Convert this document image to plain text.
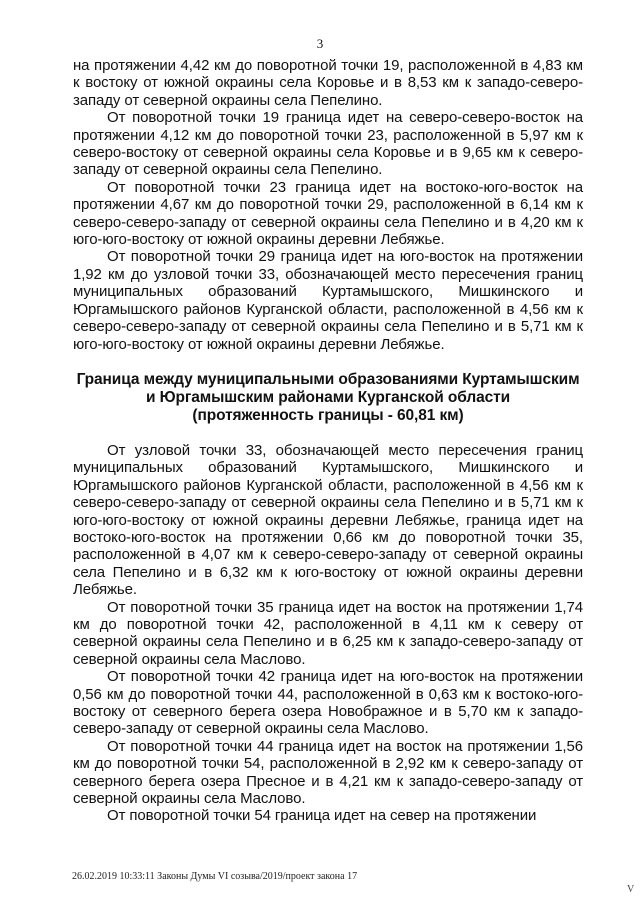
3

на протяжении 4,42 км до поворотной точки 19, расположенной в 4,83 км к востоку от южной окраины села Коровье и в 8,53 км к западо-северо-западу от северной окраины села Пепелино.

От поворотной точки 19 граница идет на северо-северо-восток на протяжении 4,12 км до поворотной точки 23, расположенной в 5,97 км к северо-востоку от северной окраины села Коровье и в 9,65 км к северо-западу от северной окраины села Пепелино.

От поворотной точки 23 граница идет на востоко-юго-восток на протяжении 4,67 км до поворотной точки 29, расположенной в 6,14 км к северо-северо-западу от северной окраины села Пепелино и в 4,20 км к юго-юго-востоку от южной окраины деревни Лебяжье.

От поворотной точки 29 граница идет на юго-восток на протяжении 1,92 км до узловой точки 33, обозначающей место пересечения границ муниципальных образований Куртамышского, Мишкинского и Юргамышского районов Курганской области, расположенной в 4,56 км к северо-северо-западу от северной окраины села Пепелино и в 5,71 км к юго-юго-востоку от южной окраины деревни Лебяжье.

Граница между муниципальными образованиями Куртамышским
и Юргамышским районами Курганской области
(протяженность границы - 60,81 км)

От узловой точки 33, обозначающей место пересечения границ муниципальных образований Куртамышского, Мишкинского и Юргамышского районов Курганской области, расположенной в 4,56 км к северо-северо-западу от северной окраины села Пепелино и в 5,71 км к юго-юго-востоку от южной окраины деревни Лебяжье, граница идет на востоко-юго-восток на протяжении 0,66 км до поворотной точки 35, расположенной в 4,07 км к северо-северо-западу от северной окраины села Пепелино и в 6,32 км к юго-востоку от южной окраины деревни Лебяжье.

От поворотной точки 35 граница идет на восток на протяжении 1,74 км до поворотной точки 42, расположенной в 4,11 км к северу от северной окраины села Пепелино и в 6,25 км к западо-северо-западу от северной окраины села Маслово.

От поворотной точки 42 граница идет на юго-восток на протяжении 0,56 км до поворотной точки 44, расположенной в 0,63 км к востоко-юго-востоку от северного берега озера Новображное и в 5,70 км к западо-северо-западу от северной окраины села Маслово.

От поворотной точки 44 граница идет на восток на протяжении 1,56 км до поворотной точки 54, расположенной в 2,92 км к северо-западу от северного берега озера Пресное и в 4,21 км к западо-северо-западу от северной окраины села Маслово.

От поворотной точки 54 граница идет на север на протяжении

26.02.2019 10:33:11 Законы Думы VI созыва/2019/проект закона 17
V
